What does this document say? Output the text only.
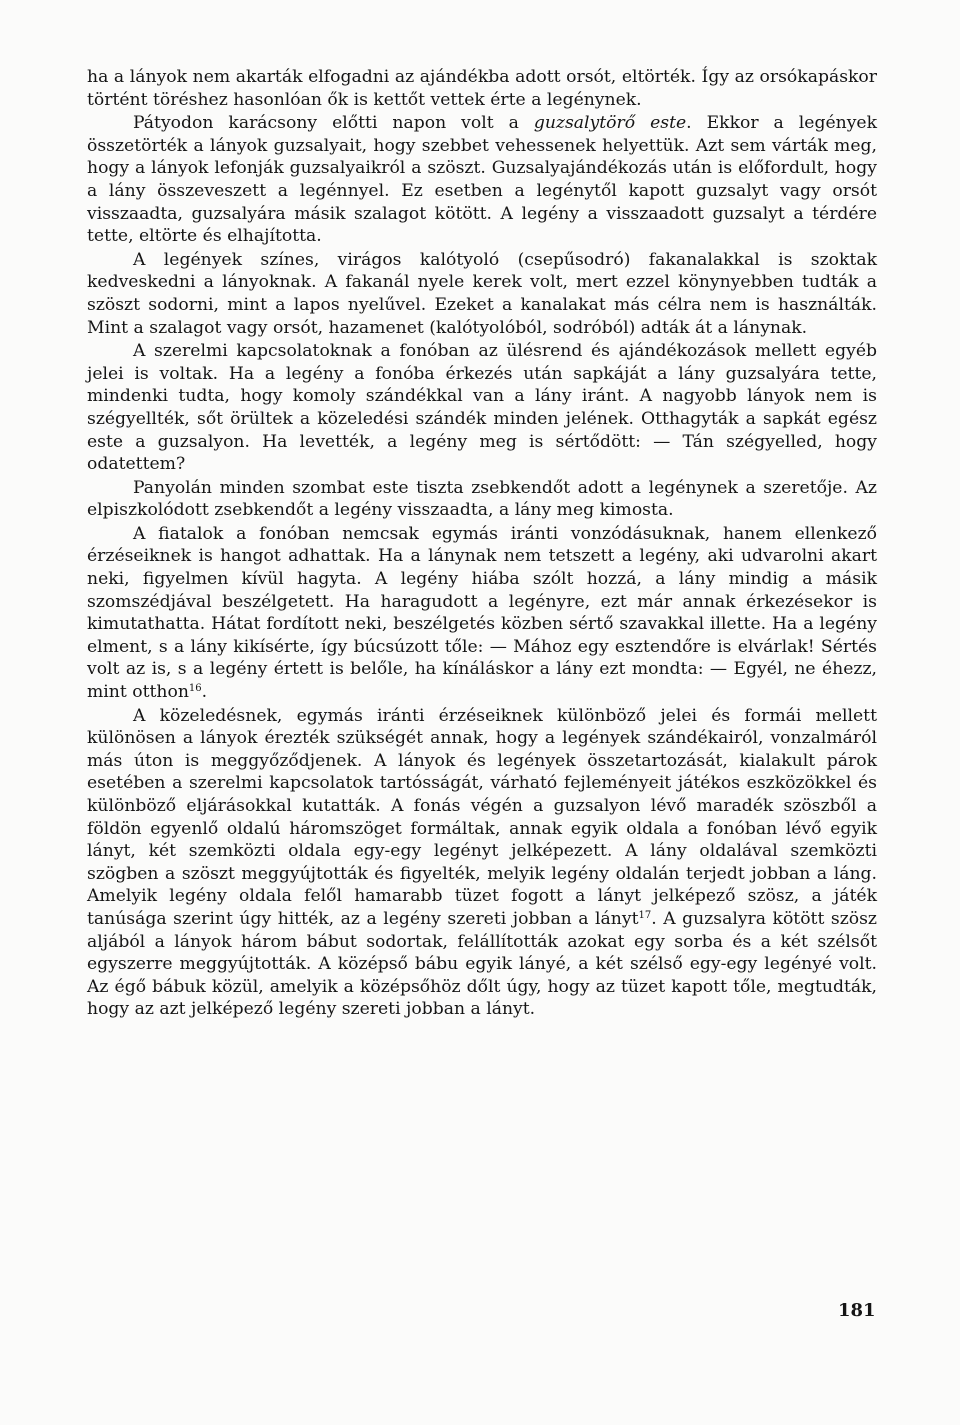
ha a lányok nem akarták elfogadni az ajándékba adott orsót, eltörték. Így az orsókapáskor történt töréshez hasonlóan ők is kettőt vettek érte a legénynek.

Pátyodon karácsony előtti napon volt a guzsalytörő este. Ekkor a legények összetörték a lányok guzsalyait, hogy szebbet vehessenek helyettük. Azt sem várták meg, hogy a lányok lefonják guzsalyaikról a szöszt. Guzsalyajándékozás után is előfordult, hogy a lány összeveszett a legénnyel. Ez esetben a legénytől kapott guzsalyt vagy orsót visszaadta, guzsalyára másik szalagot kötött. A legény a visszaadott guzsalyt a térdére tette, eltörte és elhajította.

A legények színes, virágos kalótyoló (csepűsodró) fakanalakkal is szoktak kedveskedni a lányoknak. A fakanál nyele kerek volt, mert ezzel könynyebben tudták a szöszt sodorni, mint a lapos nyelűvel. Ezeket a kanalakat más célra nem is használták. Mint a szalagot vagy orsót, hazamenet (kalótyolóból, sodróból) adták át a lánynak.

A szerelmi kapcsolatoknak a fonóban az ülésrend és ajándékozások mellett egyéb jelei is voltak. Ha a legény a fonóba érkezés után sapkáját a lány guzsalyára tette, mindenki tudta, hogy komoly szándékkal van a lány iránt. A nagyobb lányok nem is szégyellték, sőt örültek a közeledési szándék minden jelének. Otthagyták a sapkát egész este a guzsalyon. Ha levették, a legény meg is sértődött: — Tán szégyelled, hogy odatettem?

Panyolán minden szombat este tiszta zsebkendőt adott a legénynek a szeretője. Az elpiszkolódott zsebkendőt a legény visszaadta, a lány meg kimosta.

A fiatalok a fonóban nemcsak egymás iránti vonzódásuknak, hanem ellenkező érzéseiknek is hangot adhattak. Ha a lánynak nem tetszett a legény, aki udvarolni akart neki, figyelmen kívül hagyta. A legény hiába szólt hozzá, a lány mindig a másik szomszédjával beszélgetett. Ha haragudott a legényre, ezt már annak érkezésekor is kimutathatta. Hátat fordított neki, beszélgetés közben sértő szavakkal illette. Ha a legény elment, s a lány kikísérte, így búcsúzott tőle: — Mához egy esztendőre is elvárlak! Sértés volt az is, s a legény értett is belőle, ha kínáláskor a lány ezt mondta: — Egyél, ne éhezz, mint otthon$^{16}$.

A közeledésnek, egymás iránti érzéseiknek különböző jelei és formái mellett különösen a lányok érezték szükségét annak, hogy a legények szándékairól, vonzalmáról más úton is meggyőződjenek. A lányok és legények összetartozását, kialakult párok esetében a szerelmi kapcsolatok tartósságát, várható fejleményeit játékos eszközökkel és különböző eljárásokkal kutatták. A fonás végén a guzsalyon lévő maradék szöszből a földön egyenlő oldalú háromszöget formáltak, annak egyik oldala a fonóban lévő egyik lányt, két szemközti oldala egy-egy legényt jelképezett. A lány oldalával szemközti szögben a szöszt meggyújtották és figyelték, melyik legény oldalán terjedt jobban a láng. Amelyik legény oldala felől hamarabb tüzet fogott a lányt jelképező szösz, a játék tanúsága szerint úgy hitték, az a legény szereti jobban a lányt$^{17}$. A guzsalyra kötött szösz aljából a lányok három bábut sodortak, felállították azokat egy sorba és a két szélsőt egyszerre meggyújtották. A középső bábu egyik lányé, a két szélső egy-egy legényé volt. Az égő bábuk közül, amelyik a középsőhöz dőlt úgy, hogy az tüzet kapott tőle, megtudták, hogy az azt jelképező legény szereti jobban a lányt.

181
